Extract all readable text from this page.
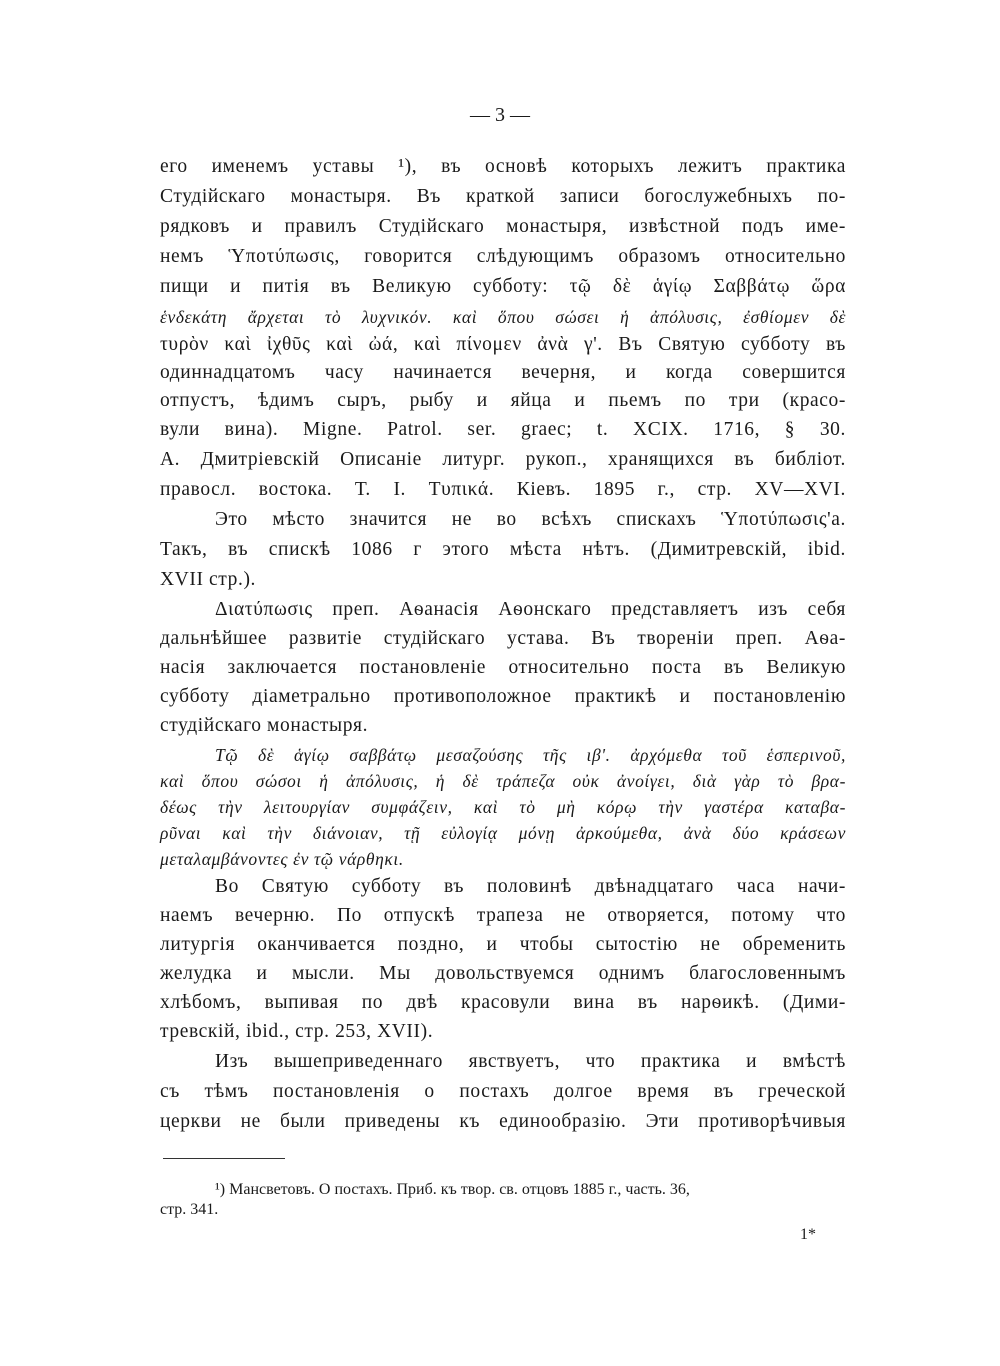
— 3 —
его именемъ уставы ¹), въ основѣ которыхъ лежитъ практика
Студійскаго монастыря. Въ краткой записи богослужебныхъ по-
рядковъ и правилъ Студійскаго монастыря, извѣстной подъ име-
немъ Ὑποτύπωσις, говорится слѣдующимъ образомъ относительно
пищи и питія въ Великую субботу: τῷ δὲ ἁγίῳ Σαββάτῳ ὥρα
ἑνδεκάτη ἄρχεται τὸ λυχνικόν. καὶ ὅπου σώσει ἡ ἀπόλυσις, ἐσθίομεν δὲ
τυρὸν καὶ ἰχθῦς καὶ ὠά, καὶ πίνομεν ἀνὰ γ'. Въ Святую субботу въ
одиннадцатомъ часу начинается вечерня, и когда совершится
отпустъ, ѣдимъ сыръ, рыбу и яйца и пьемъ по три (красо-
вули вина). Migne. Patrol. ser. graec; t. XCIX. 1716, § 30.
А. Дмитріевскій Описаніе литург. рукоп., хранящихся въ библіот.
правосл. востока. Т. I. Τυπικά. Кіевъ. 1895 г., стр. XV—XVI.
Это мѣсто значится не во всѣхъ спискахъ Ὑποτύπωσις'а.
Такъ, въ спискѣ 1086 г этого мѣста нѣтъ. (Димитревскій, ibid.
XVII стр.).
Διατύπωσις преп. Аѳанасія Аѳонскаго представляетъ изъ себя
дальнѣйшее развитіе студійскаго устава. Въ твореніи преп. Аѳа-
насія заключается постановленіе относительно поста въ Великую
субботу діаметрально противоположное практикѣ и постановленію
студійскаго монастыря.
Τῷ δὲ ἁγίῳ σαββάτῳ μεσαζούσης τῆς ιβ'. ἀρχόμεθα τοῦ ἑσπερινοῦ,
καὶ ὅπου σώσοι ἡ ἀπόλυσις, ἡ δὲ τράπεζα οὐκ ἀνοίγει, διὰ γὰρ τὸ βρα-
δέως τὴν λειτουργίαν συμφάζειν, καὶ τὸ μὴ κόρῳ τὴν γαστέρα καταβα-
ρῦναι καὶ τὴν διάνοιαν, τῇ εὐλογίᾳ μόνῃ ἀρκούμεθα, ἀνὰ δύο κράσεων
μεταλαμβάνοντες ἐν τῷ νάρθηκι.
Во Святую субботу въ половинѣ двѣнадцатаго часа начи-
наемъ вечерню. По отпускѣ трапеза не отворяется, потому что
литургія оканчивается поздно, и чтобы сытостію не обременить
желудка и мысли. Мы довольствуемся однимъ благословеннымъ
хлѣбомъ, выпивая по двѣ красовули вина въ нарѳикѣ. (Дими-
тревскій, ibid., стр. 253, XVII).
Изъ вышеприведеннаго явствуетъ, что практика и вмѣстѣ
съ тѣмъ постановленія о постахъ долгое время въ греческой
церкви не были приведены къ единообразію. Эти противорѣчивыя
¹) Мансветовъ. О постахъ. Приб. къ твор. св. отцовъ 1885 г., часть. 36,
стр. 341.
1*
